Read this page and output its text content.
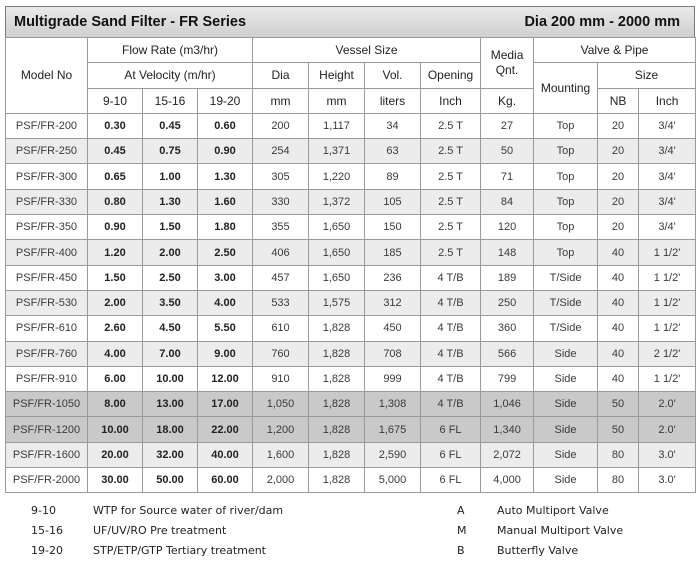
Multigrade Sand Filter - FR Series	Dia 200 mm - 2000 mm
Model No	Flow Rate (m3/hr)			Vessel Size				Media Qnt.	Valve & Pipe		
	At Velocity (m/hr)			Dia	Height	Vol.	Opening		Mounting	Size	
	9-10	15-16	19-20	mm	mm	liters	Inch	Kg.		NB	Inch
PSF/FR-200	0.30	0.45	0.60	200	1,117	34	2.5 T	27	Top	20	3/4'
PSF/FR-250	0.45	0.75	0.90	254	1,371	63	2.5 T	50	Top	20	3/4'
PSF/FR-300	0.65	1.00	1.30	305	1,220	89	2.5 T	71	Top	20	3/4'
PSF/FR-330	0.80	1.30	1.60	330	1,372	105	2.5 T	84	Top	20	3/4'
PSF/FR-350	0.90	1.50	1.80	355	1,650	150	2.5 T	120	Top	20	3/4'
PSF/FR-400	1.20	2.00	2.50	406	1,650	185	2.5 T	148	Top	40	1 1/2'
PSF/FR-450	1.50	2.50	3.00	457	1,650	236	4 T/B	189	T/Side	40	1 1/2'
PSF/FR-530	2.00	3.50	4.00	533	1,575	312	4 T/B	250	T/Side	40	1 1/2'
PSF/FR-610	2.60	4.50	5.50	610	1,828	450	4 T/B	360	T/Side	40	1 1/2'
PSF/FR-760	4.00	7.00	9.00	760	1,828	708	4 T/B	566	Side	40	2 1/2'
PSF/FR-910	6.00	10.00	12.00	910	1,828	999	4 T/B	799	Side	40	1 1/2'
PSF/FR-1050	8.00	13.00	17.00	1,050	1,828	1,308	4 T/B	1,046	Side	50	2.0'
PSF/FR-1200	10.00	18.00	22.00	1,200	1,828	1,675	6 FL	1,340	Side	50	2.0'
PSF/FR-1600	20.00	32.00	40.00	1,600	1,828	2,590	6 FL	2,072	Side	80	3.0'
PSF/FR-2000	30.00	50.00	60.00	2,000	1,828	5,000	6 FL	4,000	Side	80	3.0'
9-10	WTP for Source water of river/dam	A	Auto Multiport Valve
15-16	UF/UV/RO Pre treatment	M	Manual Multiport Valve
19-20	STP/ETP/GTP Tertiary treatment	B	Butterfly Valve
